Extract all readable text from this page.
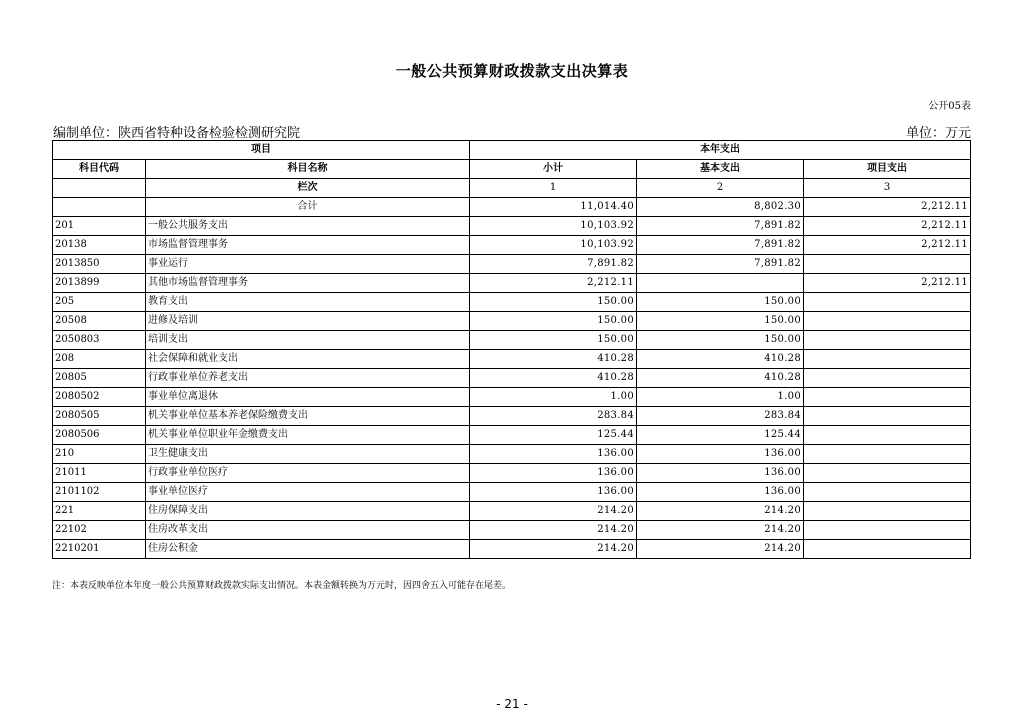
一般公共预算财政拨款支出决算表
公开05表
编制单位：陕西省特种设备检验检测研究院	单位：万元
项目		本年支出		
科目代码	科目名称	小计	基本支出	项目支出
	栏次	1	2	3
	合计	11,014.40	8,802.30	2,212.11
201	一般公共服务支出	10,103.92	7,891.82	2,212.11
20138	市场监督管理事务	10,103.92	7,891.82	2,212.11
2013850	事业运行	7,891.82	7,891.82	
2013899	其他市场监督管理事务	2,212.11		2,212.11
205	教育支出	150.00	150.00	
20508	进修及培训	150.00	150.00	
2050803	培训支出	150.00	150.00	
208	社会保障和就业支出	410.28	410.28	
20805	行政事业单位养老支出	410.28	410.28	
2080502	事业单位离退休	1.00	1.00	
2080505	机关事业单位基本养老保险缴费支出	283.84	283.84	
2080506	机关事业单位职业年金缴费支出	125.44	125.44	
210	卫生健康支出	136.00	136.00	
21011	行政事业单位医疗	136.00	136.00	
2101102	事业单位医疗	136.00	136.00	
221	住房保障支出	214.20	214.20	
22102	住房改革支出	214.20	214.20	
2210201	住房公积金	214.20	214.20	
注：本表反映单位本年度一般公共预算财政拨款实际支出情况。本表金额转换为万元时，因四舍五入可能存在尾差。
- 21 -
